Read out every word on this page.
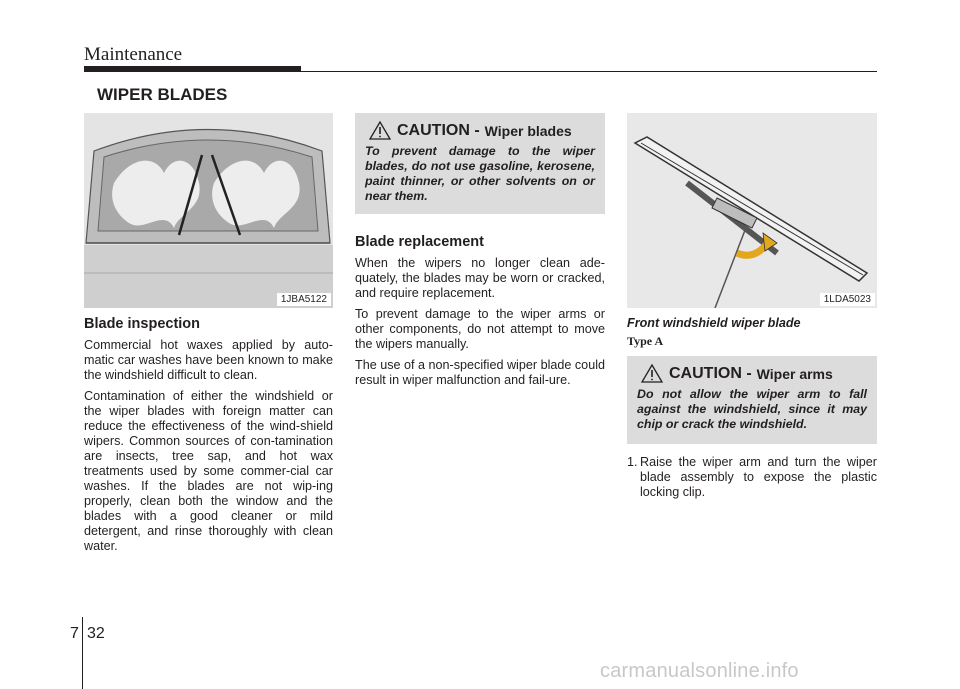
Maintenance
WIPER BLADES
1JBA5122
Blade inspection

Commercial hot waxes applied by auto-matic car washes have been known to make the windshield difficult to clean.

Contamination of either the windshield or the wiper blades with foreign matter can reduce the effectiveness of the wind-shield wipers. Common sources of con-tamination are insects, tree sap, and hot wax treatments used by some commer-cial car washes. If the blades are not wip-ing properly, clean both the window and the blades with a good cleaner or mild detergent, and rinse thoroughly with clean water.

CAUTION - Wiper blades
To prevent damage to the wiper blades, do not use gasoline, kerosene, paint thinner, or other solvents on or near them.
Blade replacement

When the wipers no longer clean ade-quately, the blades may be worn or cracked, and require replacement.

To prevent damage to the wiper arms or other components, do not attempt to move the wipers manually.

The use of a non-specified wiper blade could result in wiper malfunction and fail-ure.

1LDA5023
Front windshield wiper blade
Type A
CAUTION - Wiper arms
Do not allow the wiper arm to fall against the windshield, since it may chip or crack the windshield.
1. Raise the wiper arm and turn the wiper blade assembly to expose the plastic locking clip.
7 32
carmanualsonline.info
